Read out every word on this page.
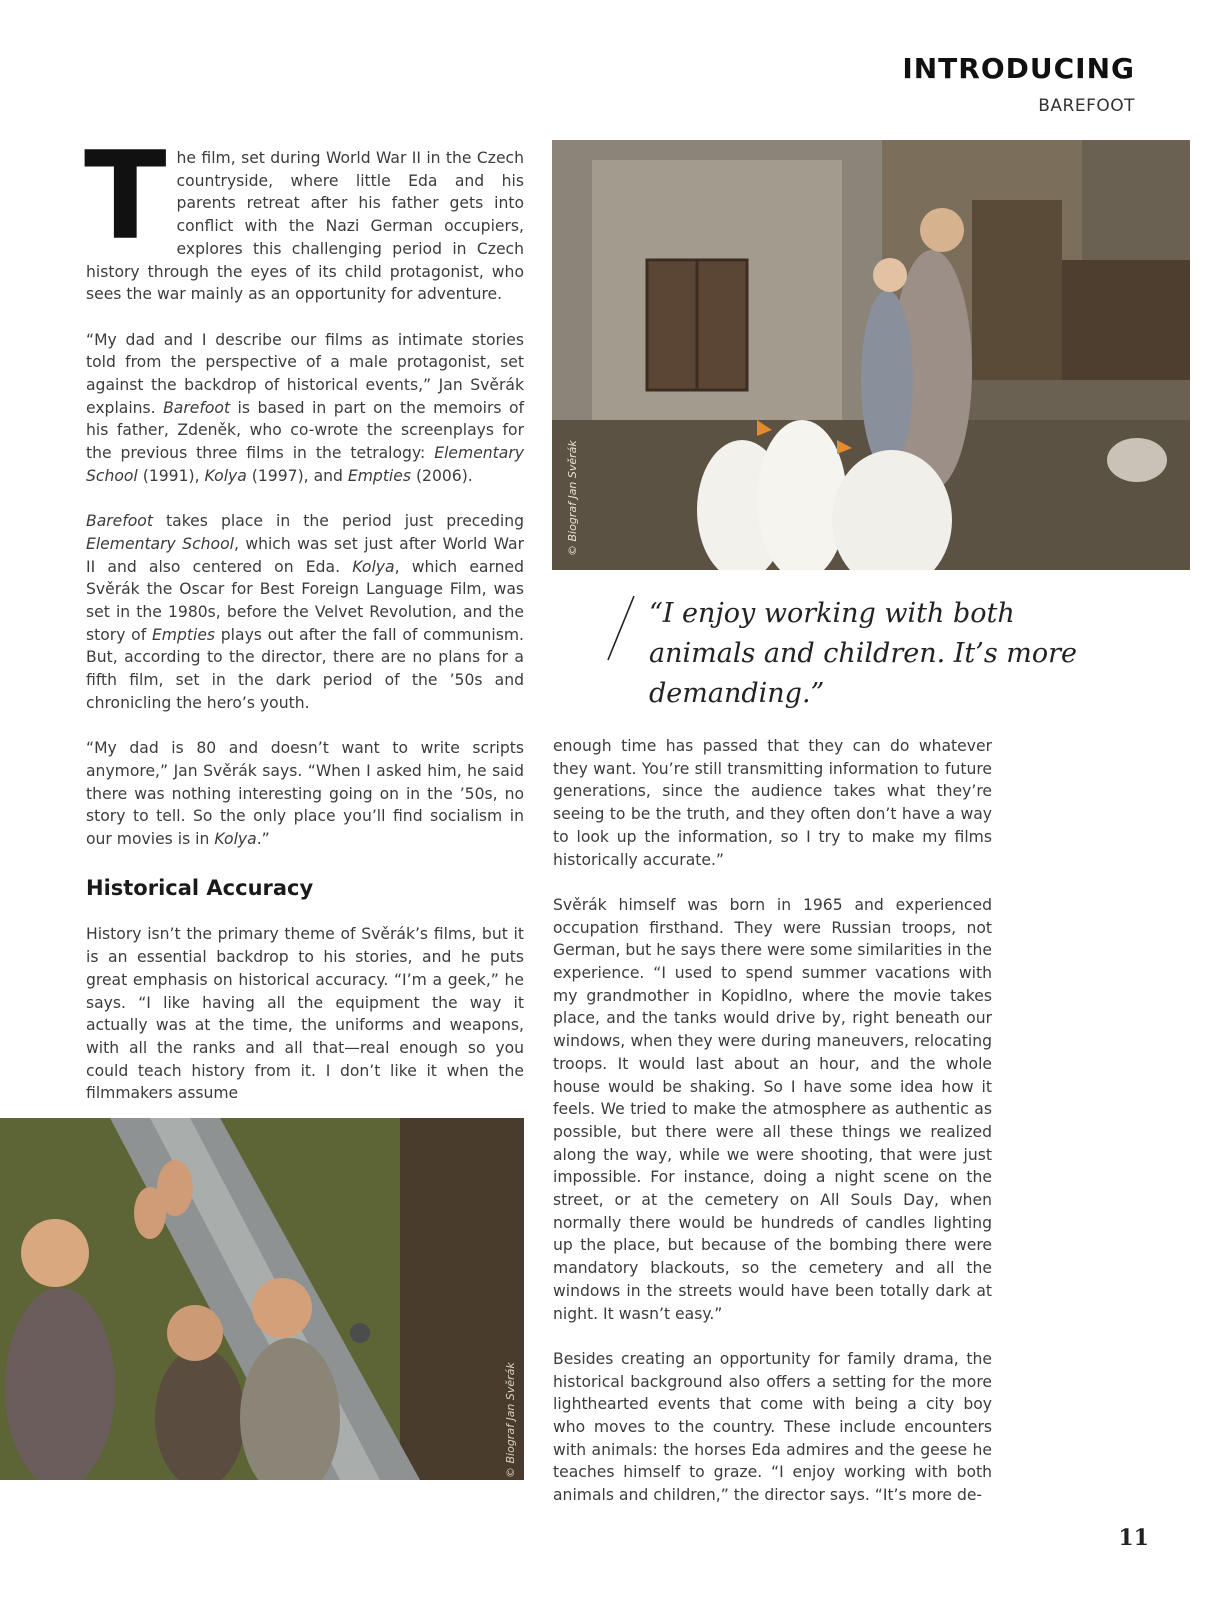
INTRODUCING
BAREFOOT

The film, set during World War II in the Czech countryside, where little Eda and his parents retreat after his father gets into conflict with the Nazi German occupiers, explores this challenging period in Czech history through the eyes of its child protagonist, who sees the war mainly as an opportunity for adventure.

“My dad and I describe our films as intimate stories told from the perspective of a male protagonist, set against the backdrop of historical events,” Jan Svěrák explains. Barefoot is based in part on the memoirs of his father, Zdeněk, who co-wrote the screenplays for the previous three films in the tetralogy: Elementary School (1991), Kolya (1997), and Empties (2006).

Barefoot takes place in the period just preceding Elementary School, which was set just after World War II and also centered on Eda. Kolya, which earned Svěrák the Oscar for Best Foreign Language Film, was set in the 1980s, before the Velvet Revolution, and the story of Empties plays out after the fall of communism. But, according to the director, there are no plans for a fifth film, set in the dark period of the ’50s and chronicling the hero’s youth.

“My dad is 80 and doesn’t want to write scripts anymore,” Jan Svěrák says. “When I asked him, he said there was nothing interesting going on in the ’50s, no story to tell. So the only place you’ll find socialism in our movies is in Kolya.”

Historical Accuracy

History isn’t the primary theme of Svěrák’s films, but it is an essential backdrop to his stories, and he puts great emphasis on historical accuracy. “I’m a geek,” he says. “I like having all the equipment the way it actually was at the time, the uniforms and weapons, with all the ranks and all that—real enough so you could teach history from it. I don’t like it when the filmmakers assume

© Biograf Jan Svěrák
“I enjoy working with both animals and children. It’s more demanding.”

enough time has passed that they can do whatever they want. You’re still transmitting information to future generations, since the audience takes what they’re seeing to be the truth, and they often don’t have a way to look up the information, so I try to make my films historically accurate.”

Svěrák himself was born in 1965 and experienced occupation firsthand. They were Russian troops, not German, but he says there were some similarities in the experience. “I used to spend summer vacations with my grandmother in Kopidlno, where the movie takes place, and the tanks would drive by, right beneath our windows, when they were during maneuvers, relocating troops. It would last about an hour, and the whole house would be shaking. So I have some idea how it feels. We tried to make the atmosphere as authentic as possible, but there were all these things we realized along the way, while we were shooting, that were just impossible. For instance, doing a night scene on the street, or at the cemetery on All Souls Day, when normally there would be hundreds of candles lighting up the place, but because of the bombing there were mandatory blackouts, so the cemetery and all the windows in the streets would have been totally dark at night. It wasn’t easy.”

Besides creating an opportunity for family drama, the historical background also offers a setting for the more lighthearted events that come with being a city boy who moves to the country. These include encounters with animals: the horses Eda admires and the geese he teaches himself to graze. “I enjoy working with both animals and children,” the director says. “It’s more de-

© Biograf Jan Svěrák
11
